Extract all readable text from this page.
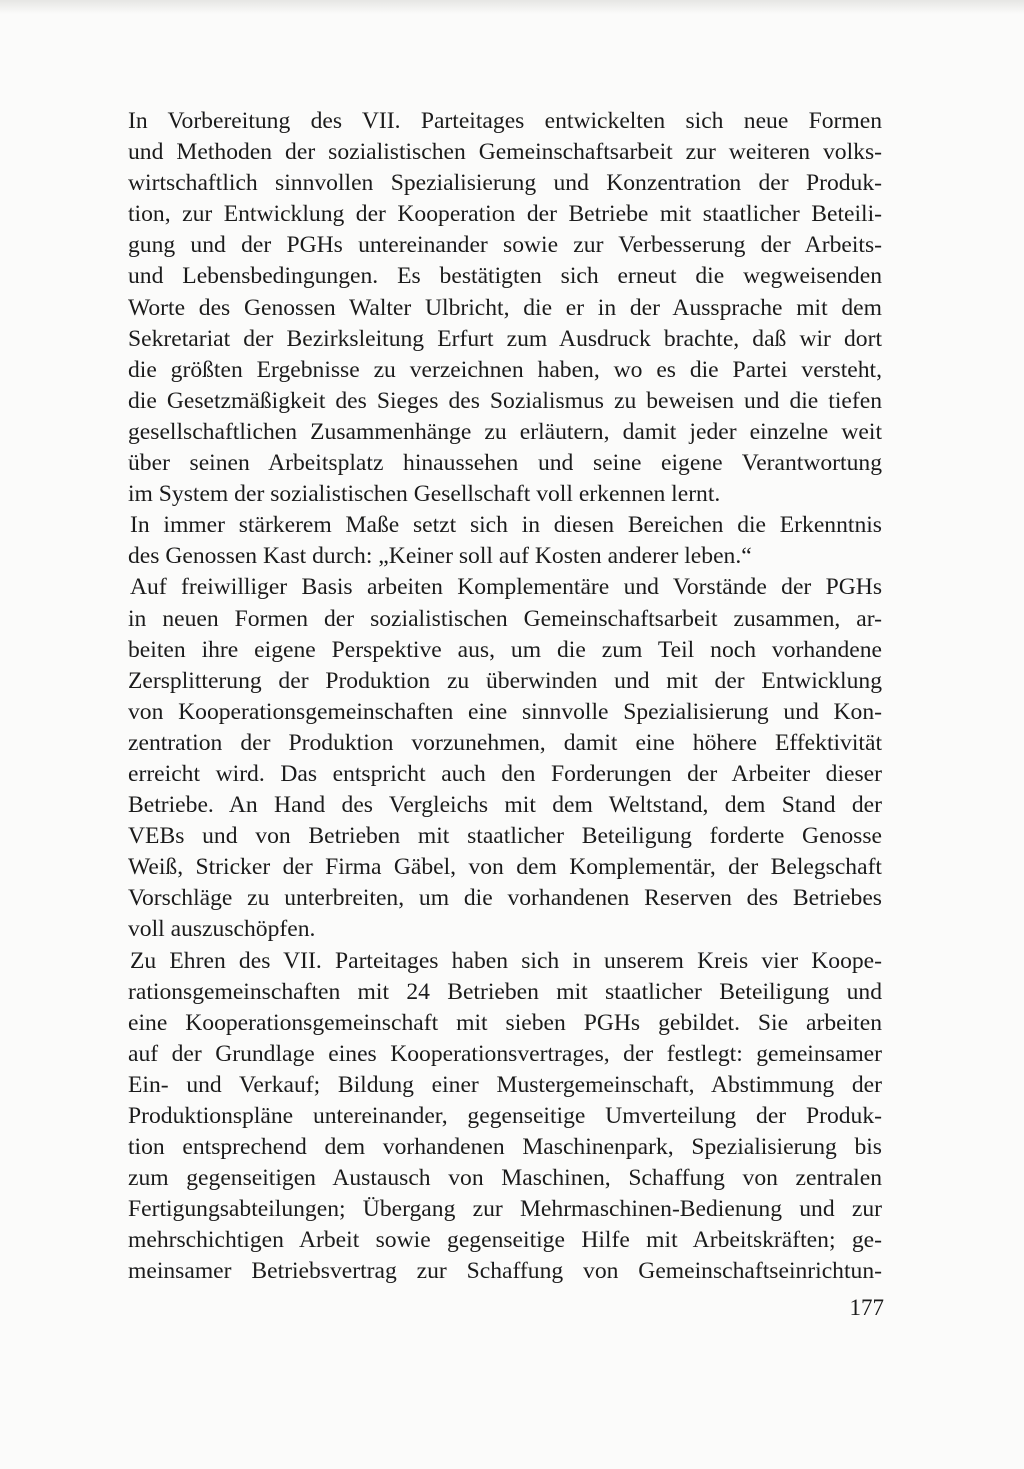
In Vorbereitung des VII. Parteitages entwickelten sich neue Formen
und Methoden der sozialistischen Gemeinschaftsarbeit zur weiteren volks-
wirtschaftlich sinnvollen Spezialisierung und Konzentration der Produk-
tion, zur Entwicklung der Kooperation der Betriebe mit staatlicher Beteili-
gung und der PGHs untereinander sowie zur Verbesserung der Arbeits-
und Lebensbedingungen. Es bestätigten sich erneut die wegweisenden
Worte des Genossen Walter Ulbricht, die er in der Aussprache mit dem
Sekretariat der Bezirksleitung Erfurt zum Ausdruck brachte, daß wir dort
die größten Ergebnisse zu verzeichnen haben, wo es die Partei versteht,
die Gesetzmäßigkeit des Sieges des Sozialismus zu beweisen und die tiefen
gesellschaftlichen Zusammenhänge zu erläutern, damit jeder einzelne weit
über seinen Arbeitsplatz hinaussehen und seine eigene Verantwortung
im System der sozialistischen Gesellschaft voll erkennen lernt.
In immer stärkerem Maße setzt sich in diesen Bereichen die Erkenntnis
des Genossen Kast durch: „Keiner soll auf Kosten anderer leben.“
Auf freiwilliger Basis arbeiten Komplementäre und Vorstände der PGHs
in neuen Formen der sozialistischen Gemeinschaftsarbeit zusammen, ar-
beiten ihre eigene Perspektive aus, um die zum Teil noch vorhandene
Zersplitterung der Produktion zu überwinden und mit der Entwicklung
von Kooperationsgemeinschaften eine sinnvolle Spezialisierung und Kon-
zentration der Produktion vorzunehmen, damit eine höhere Effektivität
erreicht wird. Das entspricht auch den Forderungen der Arbeiter dieser
Betriebe. An Hand des Vergleichs mit dem Weltstand, dem Stand der
VEBs und von Betrieben mit staatlicher Beteiligung forderte Genosse
Weiß, Stricker der Firma Gäbel, von dem Komplementär, der Belegschaft
Vorschläge zu unterbreiten, um die vorhandenen Reserven des Betriebes
voll auszuschöpfen.
Zu Ehren des VII. Parteitages haben sich in unserem Kreis vier Koope-
rationsgemeinschaften mit 24 Betrieben mit staatlicher Beteiligung und
eine Kooperationsgemeinschaft mit sieben PGHs gebildet. Sie arbeiten
auf der Grundlage eines Kooperationsvertrages, der festlegt: gemeinsamer
Ein- und Verkauf; Bildung einer Mustergemeinschaft, Abstimmung der
Produktionspläne untereinander, gegenseitige Umverteilung der Produk-
tion entsprechend dem vorhandenen Maschinenpark, Spezialisierung bis
zum gegenseitigen Austausch von Maschinen, Schaffung von zentralen
Fertigungsabteilungen; Übergang zur Mehrmaschinen-Bedienung und zur
mehrschichtigen Arbeit sowie gegenseitige Hilfe mit Arbeitskräften; ge-
meinsamer Betriebsvertrag zur Schaffung von Gemeinschaftseinrichtun-
177
